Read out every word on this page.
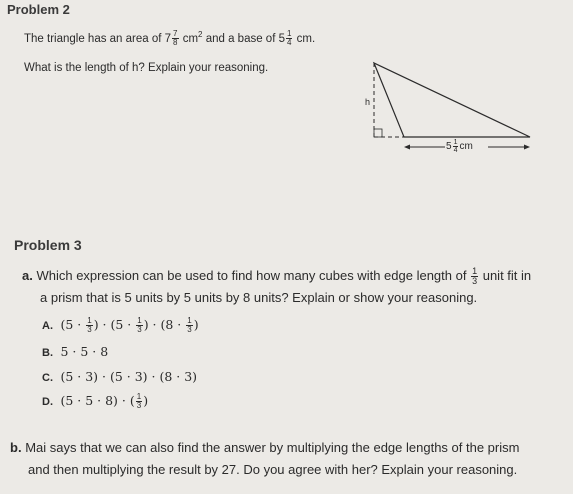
Problem 2
The triangle has an area of $7 \frac{7}{8} cm^2$ and a base of $5 \frac{1}{4}$ cm.
What is the length of h? Explain your reasoning.
h
$5 \frac{1}{4}$ cm
Problem 3
a. Which expression can be used to find how many cubes with edge length of $\frac{1}{3}$ unit fit in
a prism that is 5 units by 5 units by 8 units? Explain or show your reasoning.
A. ($5 \cdot \frac{1}{3}$ ) · ($5 \cdot \frac{1}{3}$ ) · ($8 \cdot \frac{1}{3}$ )
B. 5 · 5 · 8
C. (5 · 3) · (5 · 3) · (8 · 3)
D. (5 · 5 · 8) · ( $\frac{1}{3}$ )
b. Mai says that we can also find the answer by multiplying the edge lengths of the prism
and then multiplying the result by 27. Do you agree with her? Explain your reasoning.
